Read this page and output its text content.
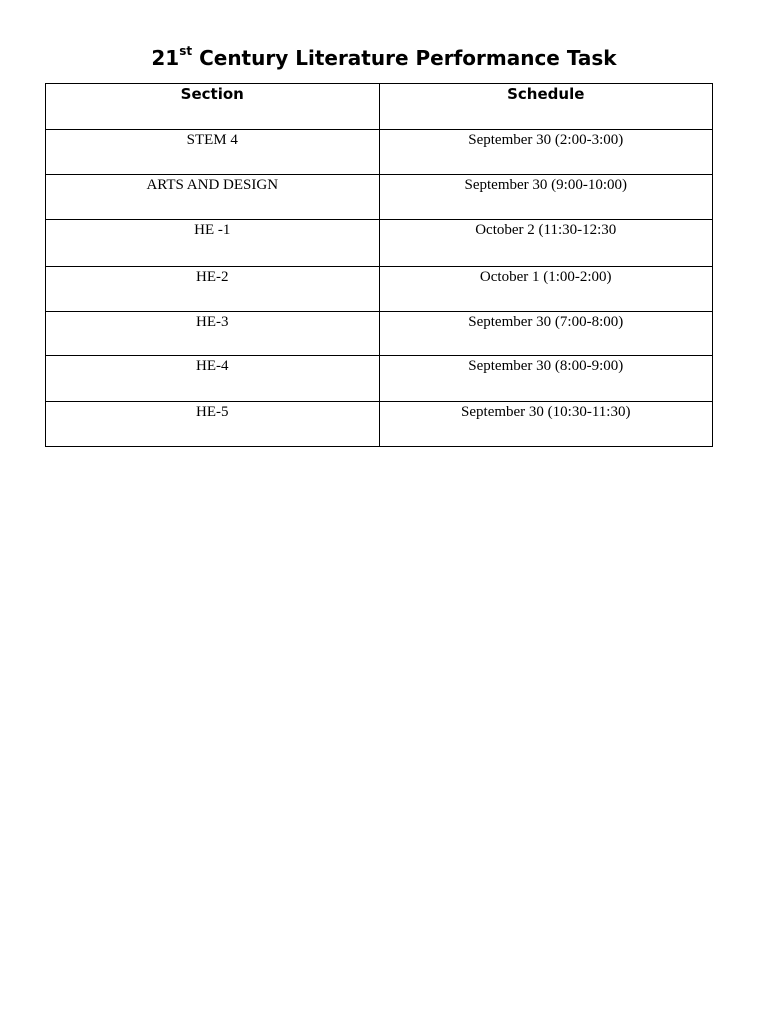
21st Century Literature Performance Task
Section	Schedule
STEM 4	September 30 (2:00-3:00)
ARTS AND DESIGN	September 30 (9:00-10:00)
HE -1	October 2 (11:30-12:30
HE-2	October 1 (1:00-2:00)
HE-3	September 30 (7:00-8:00)
HE-4	September 30 (8:00-9:00)
HE-5	September 30 (10:30-11:30)
